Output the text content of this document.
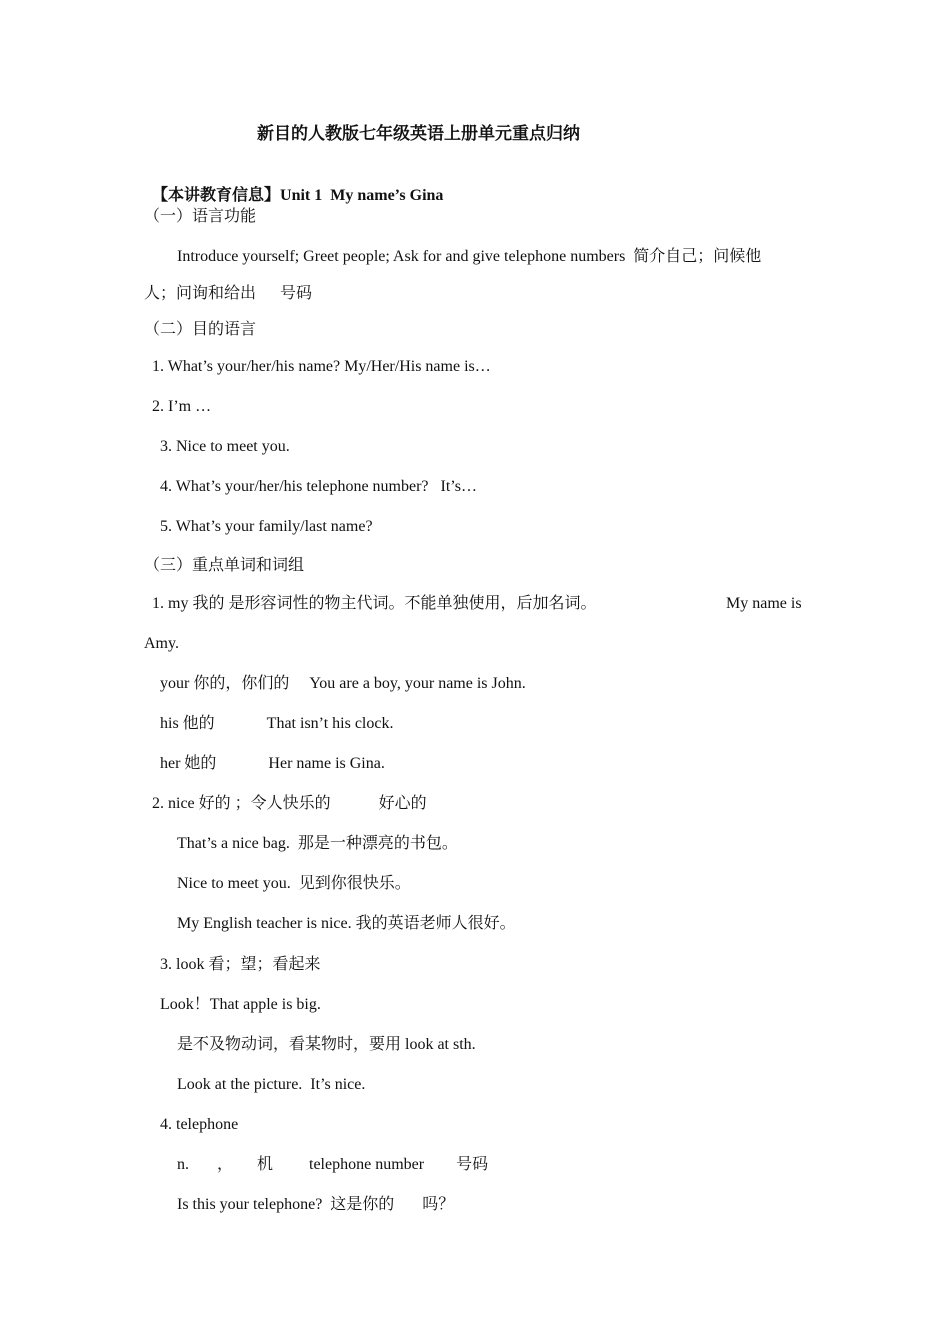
新目的人教版七年级英语上册单元重点归纳

【本讲教育信息】Unit 1  My name’s Gina

（一）语言功能
Introduce yourself; Greet people; Ask for and give telephone numbers  简介自己；问候他
人；问询和给出      号码
（二）目的语言
1. What’s your/her/his name? My/Her/His name is…
2. I’m …
3. Nice to meet you.
4. What’s your/her/his telephone number?   It’s…
5. What’s your family/last name?
（三）重点单词和词组
1. my 我的 是形容词性的物主代词。不能单独使用，后加名词。	My name is
Amy.
your 你的，你们的     You are a boy, your name is John.
his 他的             That isn’t his clock.
her 她的             Her name is Gina.
2. nice 好的 ；令人快乐的            好心的
That’s a nice bag.  那是一种漂亮的书包。
Nice to meet you.  见到你很快乐。
My English teacher is nice. 我的英语老师人很好。
3. look 看；望；看起来
Look！That apple is big.
是不及物动词，看某物时，要用 look at sth.
Look at the picture.  It’s nice.
4. telephone
n.       ，      机         telephone number        号码
Is this your telephone?  这是你的       吗？
